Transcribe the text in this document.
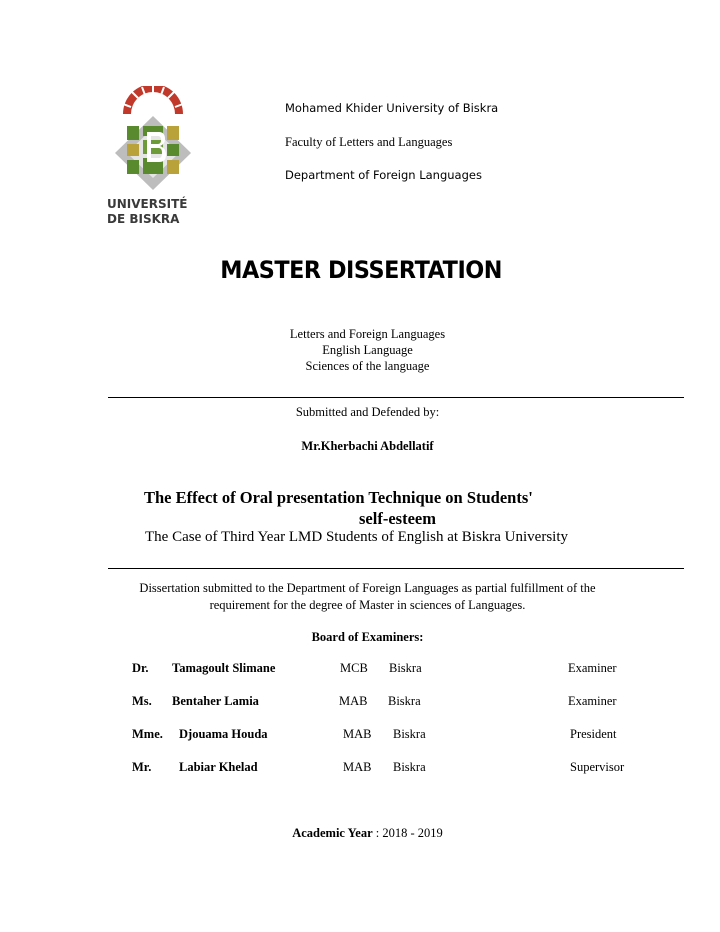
UNIVERSITÉ
DE BISKRA
Mohamed Khider University of Biskra
Faculty of Letters and Languages
Department of Foreign Languages
MASTER DISSERTATION
Letters and Foreign Languages
English Language
Sciences of the language
Submitted and Defended by:
Mr.Kherbachi Abdellatif
The Effect of Oral presentation Technique on Students'
self-esteem
The Case of Third Year LMD Students of English at Biskra University
Dissertation submitted to the Department of Foreign Languages as partial fulfillment of the
requirement for the degree of Master in sciences of Languages.
Board of Examiners:
Dr. Tamagoult Slimane	MCB Biskra	Examiner
Ms. Bentaher Lamia	MAB Biskra	Examiner
Mme. Djouama Houda	MAB Biskra	President
Mr. Labiar Khelad	MAB Biskra	Supervisor
Academic Year : 2018 - 2019
